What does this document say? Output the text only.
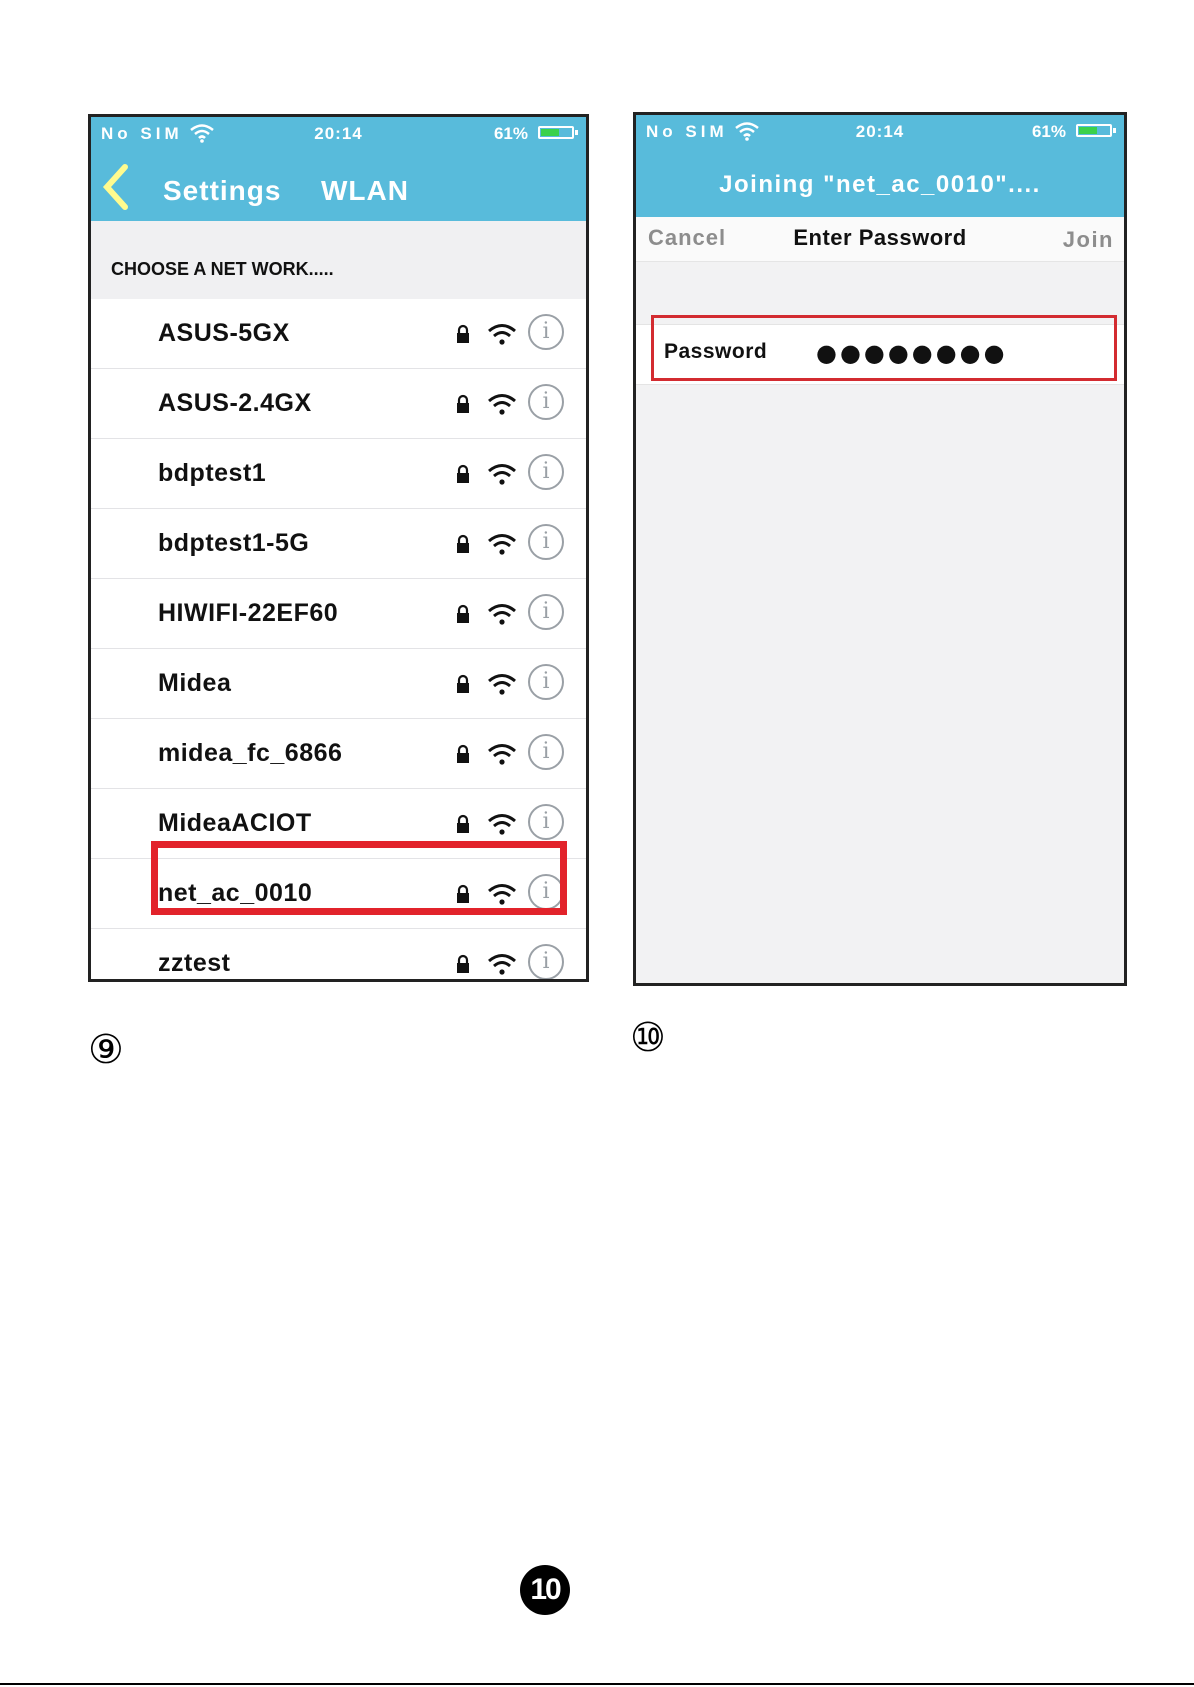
No SIM	20:14	61%
Settings WLAN
CHOOSE A NET WORK.....
ASUS-5GX	i
ASUS-2.4GX	i
bdptest1	i
bdptest1-5G	i
HIWIFI-22EF60	i
Midea	i
midea_fc_6866	i
MideaACIOT	i
net_ac_0010	i
zztest	i
No SIM	20:14	61%
Joining "net_ac_0010"....
Cancel	Enter Password	Join
Password
●●●●●●●●
⑨	⑩
10
